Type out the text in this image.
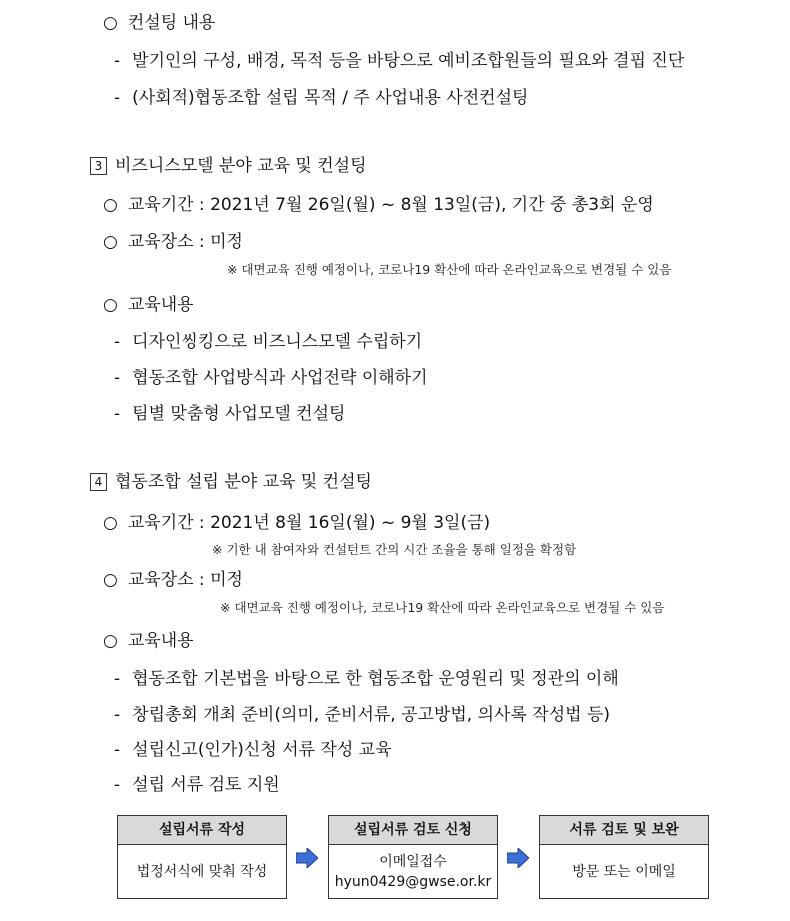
○ 컨설팅 내용
- 발기인의 구성, 배경, 목적 등을 바탕으로 예비조합원들의 필요와 결핍 진단
- (사회적)협동조합 설립 목적 / 주 사업내용 사전컨설팅
3 비즈니스모델 분야 교육 및 컨설팅
○ 교육기간 : 2021년 7월 26일(월) ~ 8월 13일(금), 기간 중 총3회 운영
○ 교육장소 : 미정
※ 대면교육 진행 예정이나, 코로나19 확산에 따라 온라인교육으로 변경될 수 있음
○ 교육내용
- 디자인씽킹으로 비즈니스모델 수립하기
- 협동조합 사업방식과 사업전략 이해하기
- 팀별 맞춤형 사업모델 컨설팅
4 협동조합 설립 분야 교육 및 컨설팅
○ 교육기간 : 2021년 8월 16일(월) ~ 9월 3일(금)
※ 기한 내 참여자와 컨설턴트 간의 시간 조율을 통해 일정을 확정함
○ 교육장소 : 미정
※ 대면교육 진행 예정이나, 코로나19 확산에 따라 온라인교육으로 변경될 수 있음
○ 교육내용
- 협동조합 기본법을 바탕으로 한 협동조합 운영원리 및 정관의 이해
- 창립총회 개최 준비(의미, 준비서류, 공고방법, 의사록 작성법 등)
- 설립신고(인가)신청 서류 작성 교육
- 설립 서류 검토 지원
설립서류 작성
법정서식에 맞춰 작성
설립서류 검토 신청
이메일접수
hyun0429@gwse.or.kr
서류 검토 및 보완
방문 또는 이메일
